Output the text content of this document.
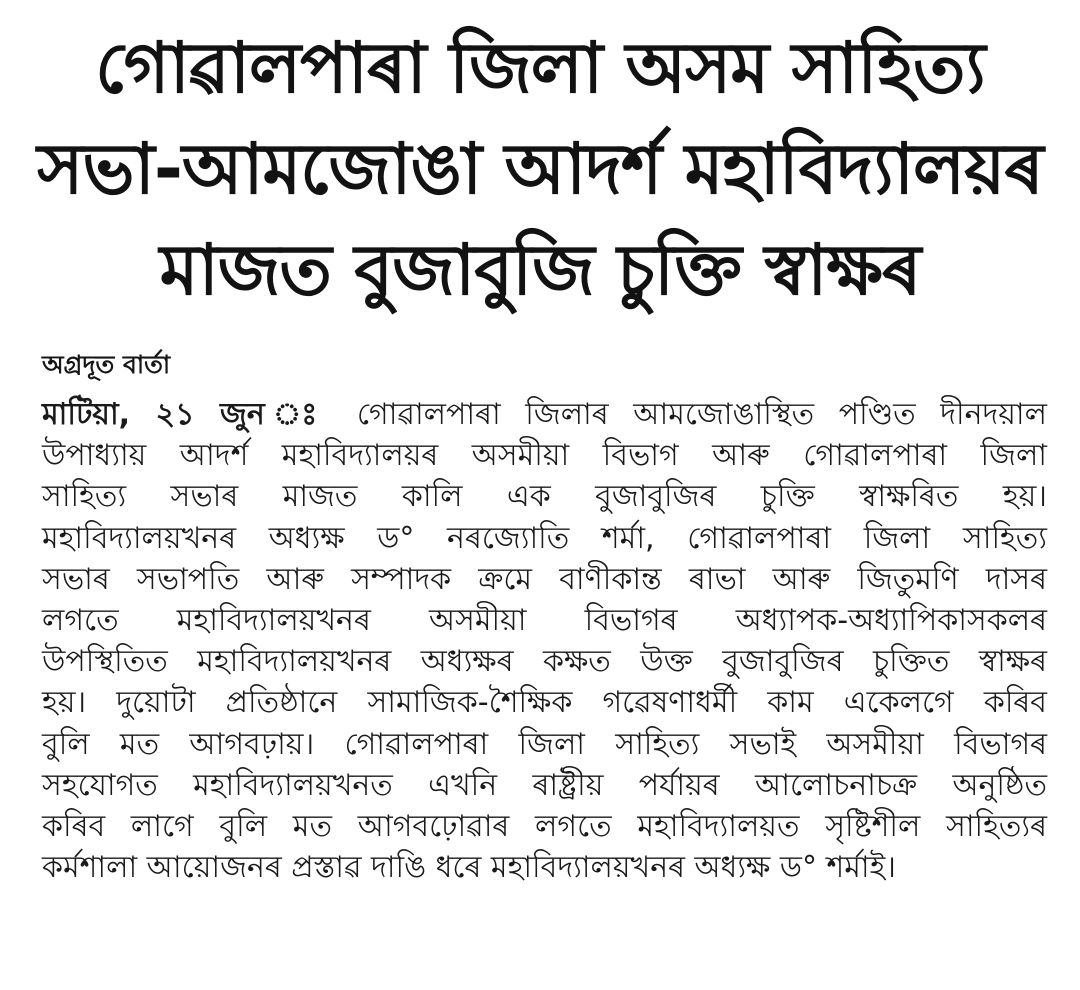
গোৱালপাৰা জিলা অসম সাহিত্য
সভা-আমজোঙা আদৰ্শ মহাবিদ্যালয়ৰ
মাজত বুজাবুজি চুক্তি স্বাক্ষৰ
অগ্ৰদূত বাৰ্তা
মাটিয়া, ২১ জুন ঃ গোৱালপাৰা জিলাৰ আমজোঙাস্থিত পণ্ডিত দীনদয়াল
উপাধ্যায় আদৰ্শ মহাবিদ্যালয়ৰ অসমীয়া বিভাগ আৰু গোৱালপাৰা জিলা
সাহিত্য সভাৰ মাজত কালি এক বুজাবুজিৰ চুক্তি স্বাক্ষৰিত হয়।
মহাবিদ্যালয়খনৰ অধ্যক্ষ ড° নৰজ্যোতি শৰ্মা, গোৱালপাৰা জিলা সাহিত্য
সভাৰ সভাপতি আৰু সম্পাদক ক্ৰমে বাণীকান্ত ৰাভা আৰু জিতুমণি দাসৰ
লগতে মহাবিদ্যালয়খনৰ অসমীয়া বিভাগৰ অধ্যাপক-অধ্যাপিকাসকলৰ
উপস্থিতিত মহাবিদ্যালয়খনৰ অধ্যক্ষৰ কক্ষত উক্ত বুজাবুজিৰ চুক্তিত স্বাক্ষৰ
হয়। দুয়োটা প্ৰতিষ্ঠানে সামাজিক-শৈক্ষিক গৱেষণাধৰ্মী কাম একেলগে কৰিব
বুলি মত আগবঢ়ায়। গোৱালপাৰা জিলা সাহিত্য সভাই অসমীয়া বিভাগৰ
সহযোগত মহাবিদ্যালয়খনত এখনি ৰাষ্ট্ৰীয় পৰ্যায়ৰ আলোচনাচক্ৰ অনুষ্ঠিত
কৰিব লাগে বুলি মত আগবঢ়োৱাৰ লগতে মহাবিদ্যালয়ত সৃষ্টিশীল সাহিত্যৰ
কৰ্মশালা আয়োজনৰ প্ৰস্তাৱ দাঙি ধৰে মহাবিদ্যালয়খনৰ অধ্যক্ষ ড° শৰ্মাই।
